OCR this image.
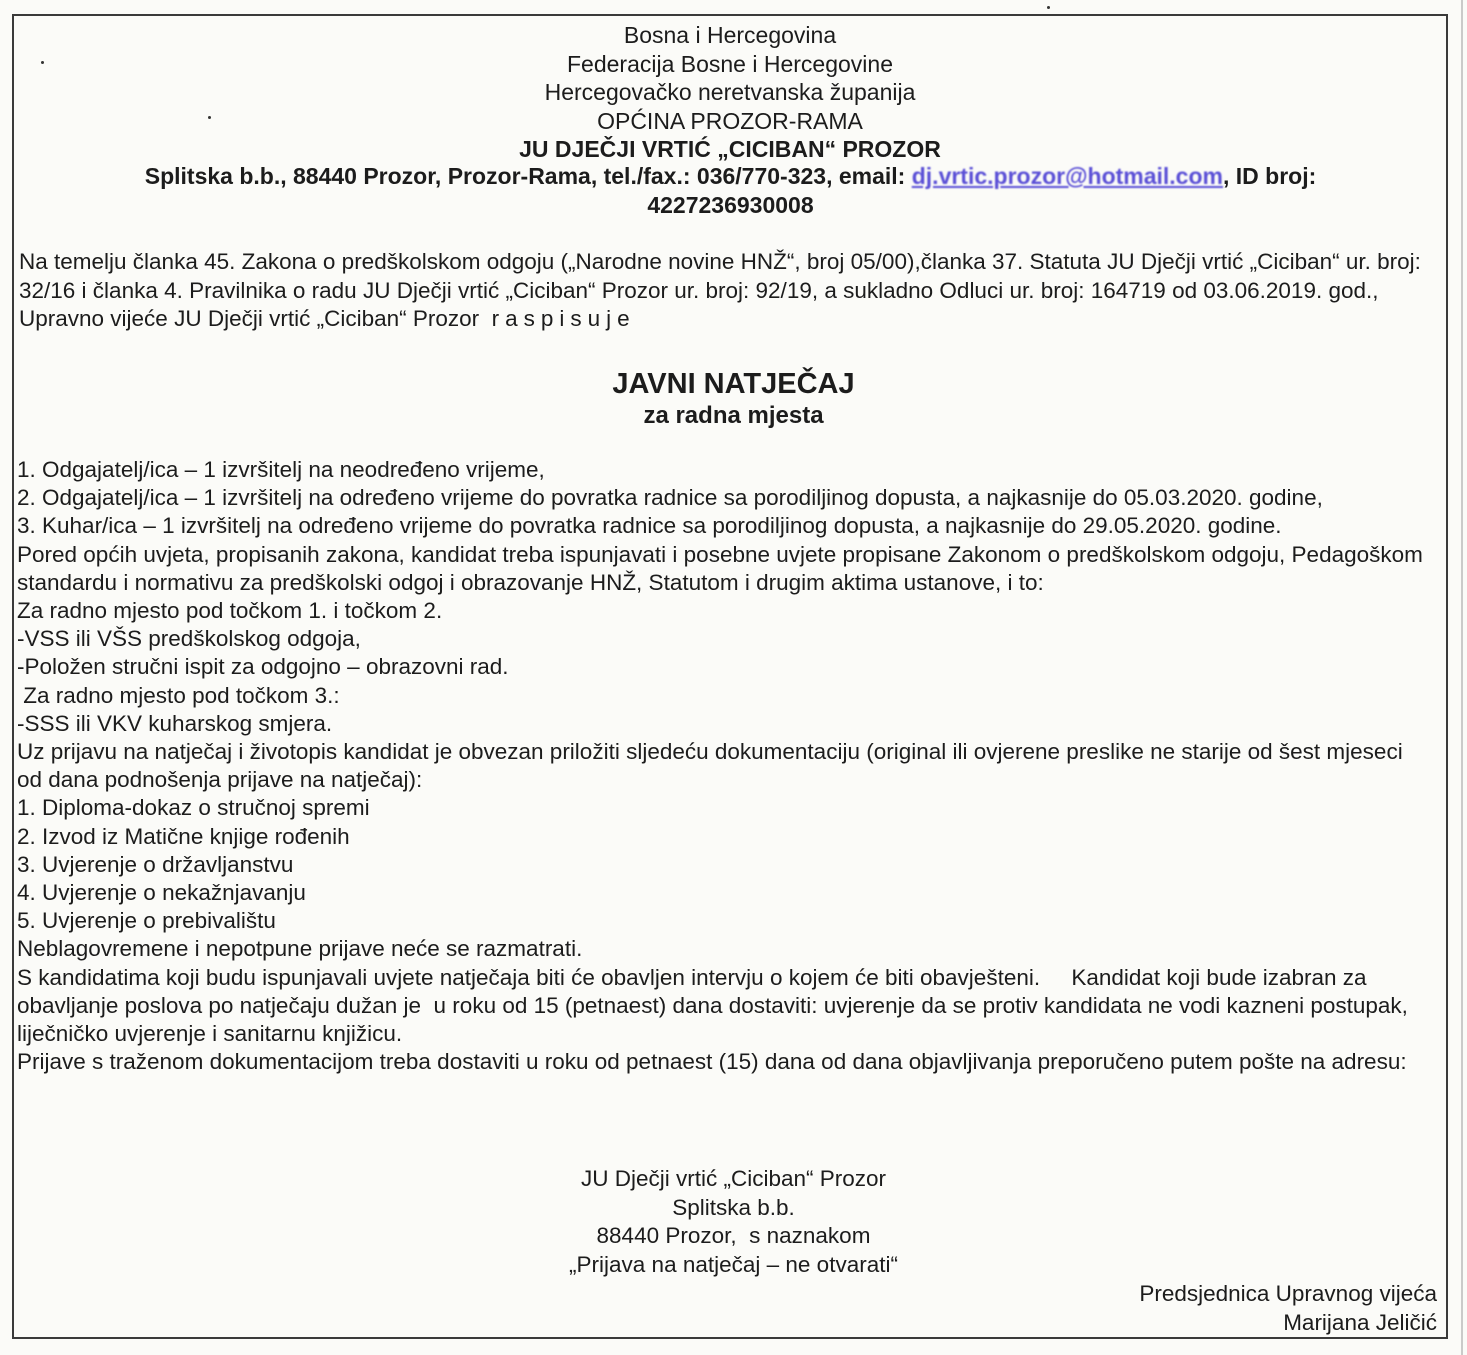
Bosna i Hercegovina
Federacija Bosne i Hercegovine
Hercegovačko neretvanska županija
OPĆINA PROZOR-RAMA
JU DJEČJI VRTIĆ „CICIBAN“ PROZOR
Splitska b.b., 88440 Prozor, Prozor-Rama, tel./fax.: 036/770-323, email: dj.vrtic.prozor@hotmail.com, ID broj:
4227236930008
Na temelju članka 45. Zakona o predškolskom odgoju („Narodne novine HNŽ“, broj 05/00),članka 37. Statuta JU Dječji vrtić „Ciciban“ ur. broj: 32/16 i članka 4. Pravilnika o radu JU Dječji vrtić „Ciciban“ Prozor ur. broj: 92/19, a sukladno Odluci ur. broj: 164719 od 03.06.2019. god., Upravno vijeće JU Dječji vrtić „Ciciban“ Prozor raspisuje
JAVNI NATJEČAJ
za radna mjesta
1. Odgajatelj/ica – 1 izvršitelj na neodređeno vrijeme,
2. Odgajatelj/ica – 1 izvršitelj na određeno vrijeme do povratka radnice sa porodiljinog dopusta, a najkasnije do 05.03.2020. godine,
3. Kuhar/ica – 1 izvršitelj na određeno vrijeme do povratka radnice sa porodiljinog dopusta, a najkasnije do 29.05.2020. godine.
Pored općih uvjeta, propisanih zakona, kandidat treba ispunjavati i posebne uvjete propisane Zakonom o predškolskom odgoju, Pedagoškom standardu i normativu za predškolski odgoj i obrazovanje HNŽ, Statutom i drugim aktima ustanove, i to:
Za radno mjesto pod točkom 1. i točkom 2.
-VSS ili VŠS predškolskog odgoja,
-Položen stručni ispit za odgojno – obrazovni rad.
Za radno mjesto pod točkom 3.:
-SSS ili VKV kuharskog smjera.
Uz prijavu na natječaj i životopis kandidat je obvezan priložiti sljedeću dokumentaciju (original ili ovjerene preslike ne starije od šest mjeseci od dana podnošenja prijave na natječaj):
1. Diploma-dokaz o stručnoj spremi
2. Izvod iz Matične knjige rođenih
3. Uvjerenje o državljanstvu
4. Uvjerenje o nekažnjavanju
5. Uvjerenje o prebivalištu
Neblagovremene i nepotpune prijave neće se razmatrati.
S kandidatima koji budu ispunjavali uvjete natječaja biti će obavljen intervju o kojem će biti obavješteni.     Kandidat koji bude izabran za obavljanje poslova po natječaju dužan je  u roku od 15 (petnaest) dana dostaviti: uvjerenje da se protiv kandidata ne vodi kazneni postupak, liječničko uvjerenje i sanitarnu knjižicu.
Prijave s traženom dokumentacijom treba dostaviti u roku od petnaest (15) dana od dana objavljivanja preporučeno putem pošte na adresu:
JU Dječji vrtić „Ciciban“ Prozor
Splitska b.b.
88440 Prozor,  s naznakom
„Prijava na natječaj – ne otvarati“
Predsjednica Upravnog vijeća
Marijana Jeličić
